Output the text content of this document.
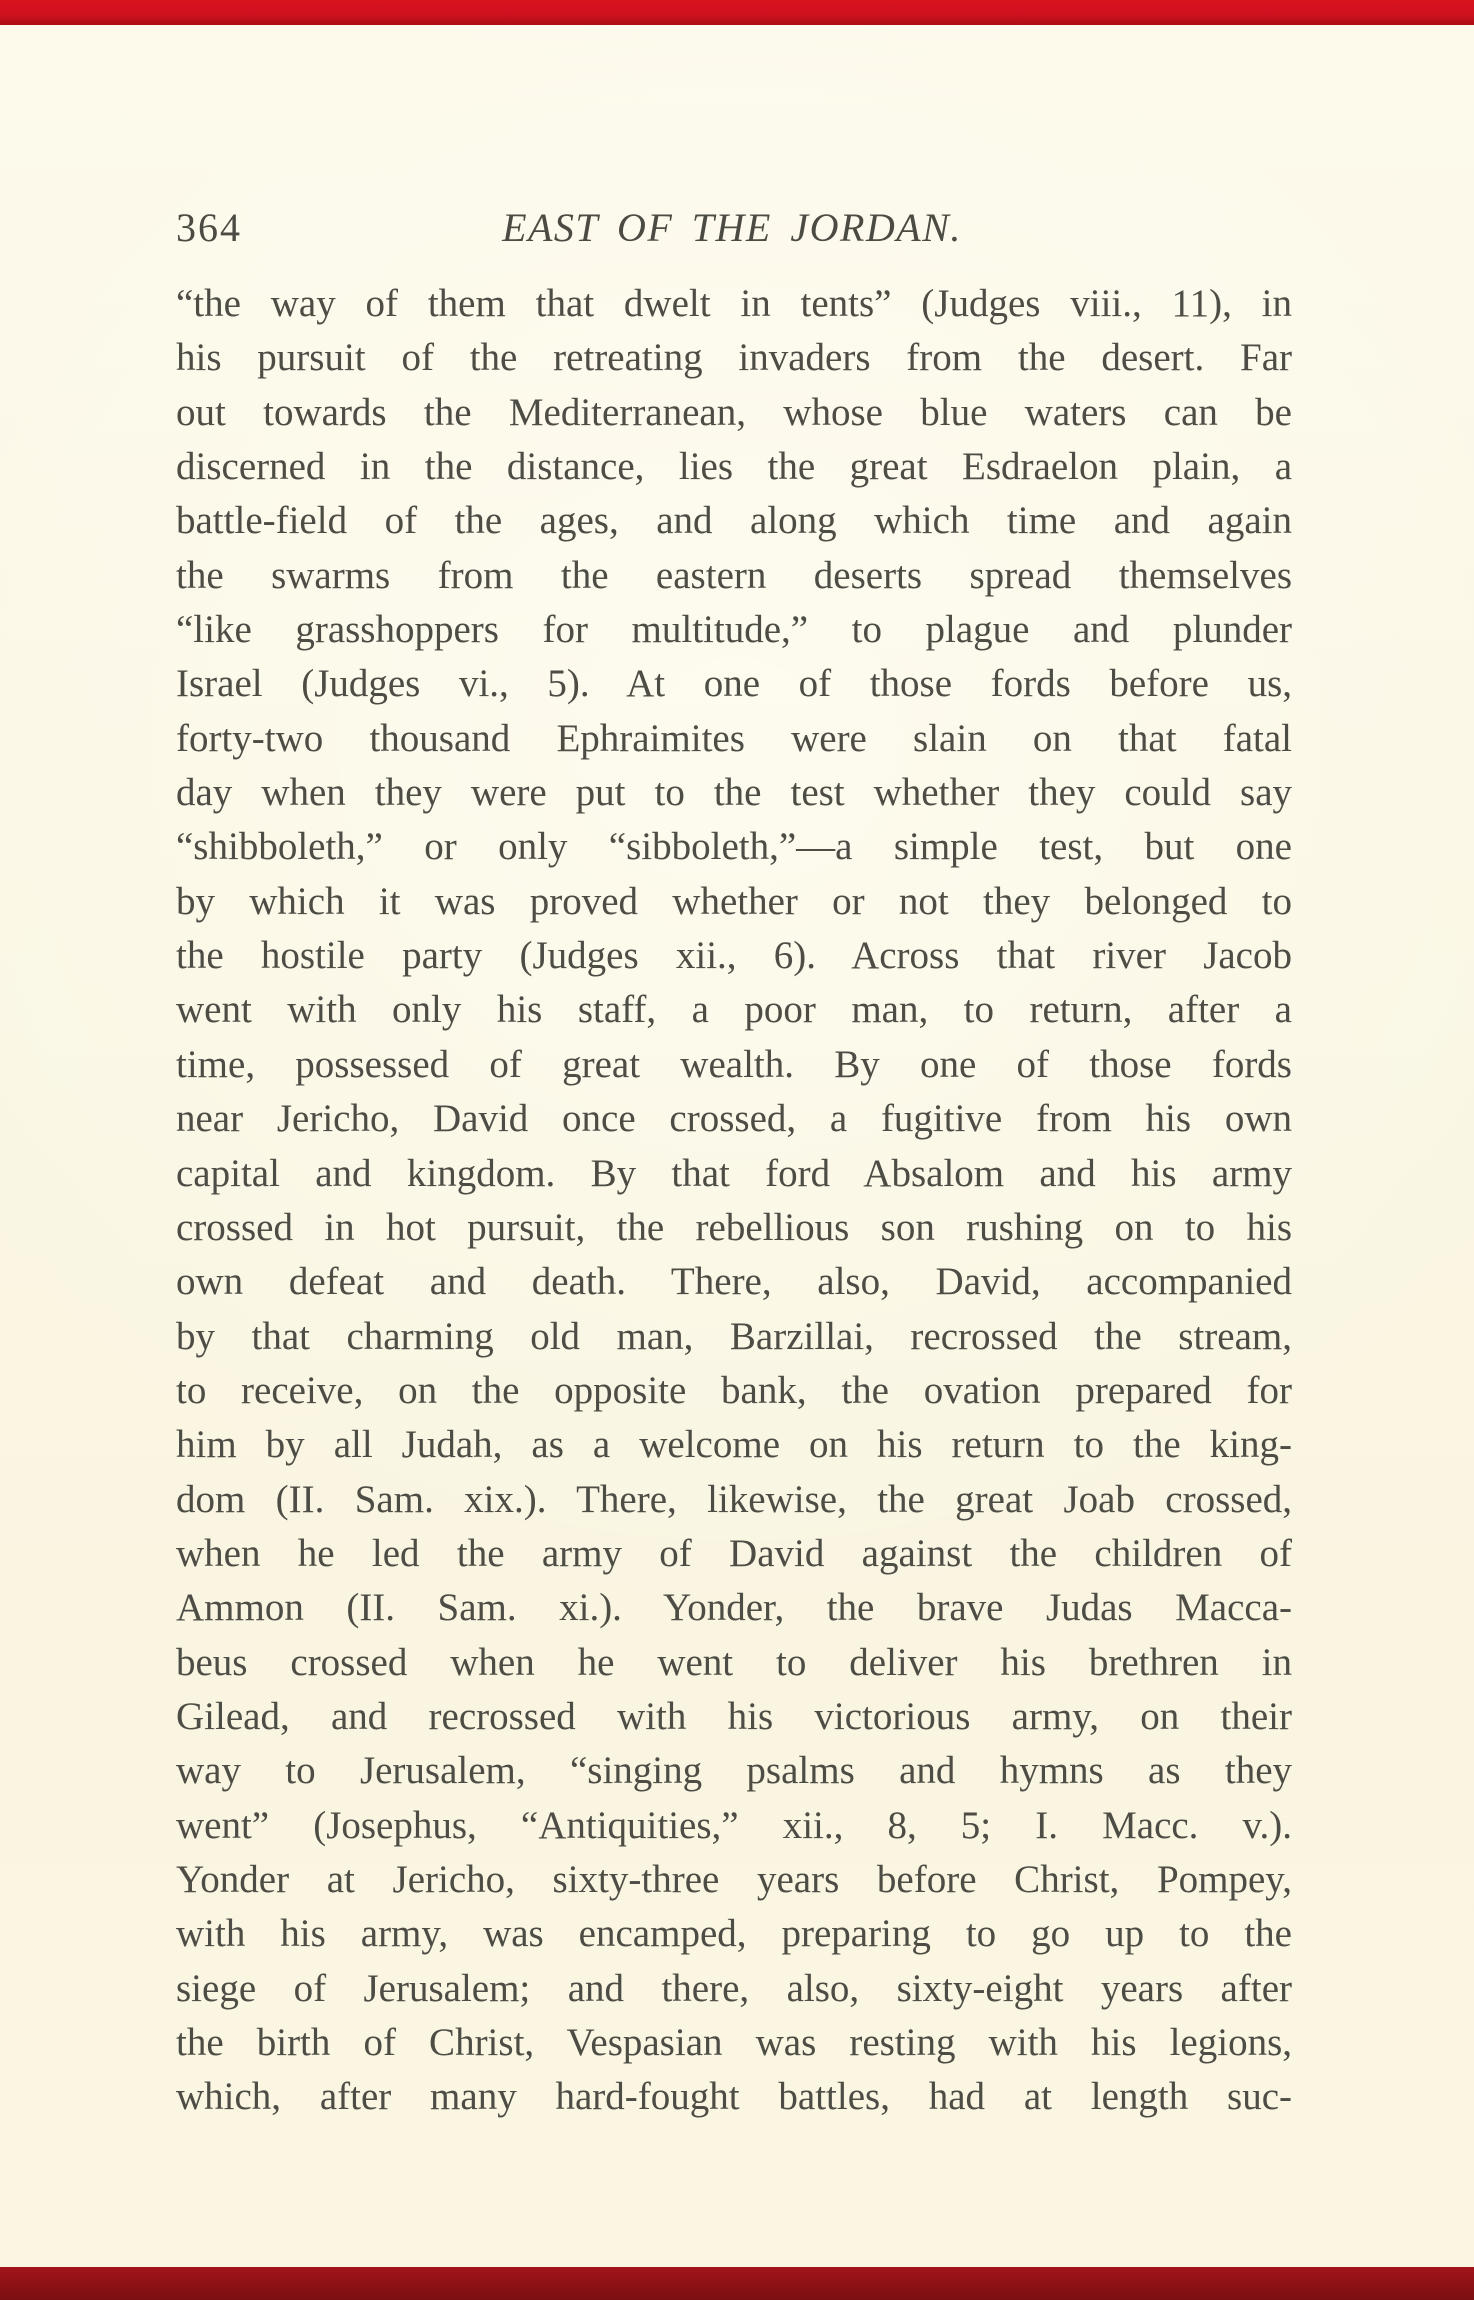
364	EAST OF THE JORDAN.
“the way of them that dwelt in tents” (Judges viii., 11), in
his pursuit of the retreating invaders from the desert. Far
out towards the Mediterranean, whose blue waters can be
discerned in the distance, lies the great Esdraelon plain, a
battle-field of the ages, and along which time and again
the swarms from the eastern deserts spread themselves
“like grasshoppers for multitude,” to plague and plunder
Israel (Judges vi., 5). At one of those fords before us,
forty-two thousand Ephraimites were slain on that fatal
day when they were put to the test whether they could say
“shibboleth,” or only “sibboleth,”—a simple test, but one
by which it was proved whether or not they belonged to
the hostile party (Judges xii., 6). Across that river Jacob
went with only his staff, a poor man, to return, after a
time, possessed of great wealth. By one of those fords
near Jericho, David once crossed, a fugitive from his own
capital and kingdom. By that ford Absalom and his army
crossed in hot pursuit, the rebellious son rushing on to his
own defeat and death. There, also, David, accompanied
by that charming old man, Barzillai, recrossed the stream,
to receive, on the opposite bank, the ovation prepared for
him by all Judah, as a welcome on his return to the king-
dom (II. Sam. xix.). There, likewise, the great Joab crossed,
when he led the army of David against the children of
Ammon (II. Sam. xi.). Yonder, the brave Judas Macca-
beus crossed when he went to deliver his brethren in
Gilead, and recrossed with his victorious army, on their
way to Jerusalem, “singing psalms and hymns as they
went” (Josephus, “Antiquities,” xii., 8, 5; I. Macc. v.).
Yonder at Jericho, sixty-three years before Christ, Pompey,
with his army, was encamped, preparing to go up to the
siege of Jerusalem; and there, also, sixty-eight years after
the birth of Christ, Vespasian was resting with his legions,
which, after many hard-fought battles, had at length suc-
